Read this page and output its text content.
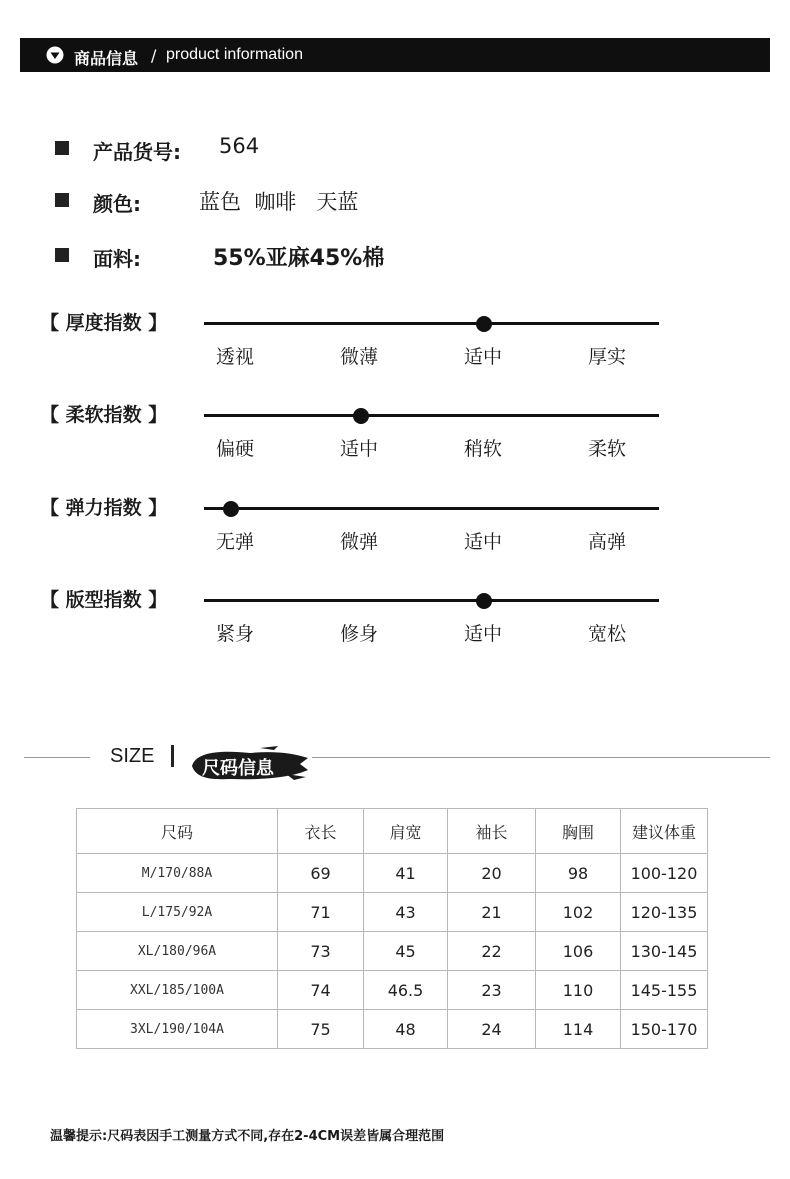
商品信息 / product information
产品货号: 564
颜色:	蓝色  咖啡   天蓝
面料:	55%亚麻45%棉
【 厚度指数 】
透视	微薄	适中	厚实
【 柔软指数 】
偏硬	适中	稍软	柔软
【 弹力指数 】
无弹	微弹	适中	高弹
【 版型指数 】
紧身	修身	适中	宽松
SIZE
尺码信息
尺码	衣长	肩宽	袖长	胸围	建议体重
M/170/88A	69	41	20	98	100-120
L/175/92A	71	43	21	102	120-135
XL/180/96A	73	45	22	106	130-145
XXL/185/100A	74	46.5	23	110	145-155
3XL/190/104A	75	48	24	114	150-170
温馨提示:尺码表因手工测量方式不同,存在2-4CM误差皆属合理范围
